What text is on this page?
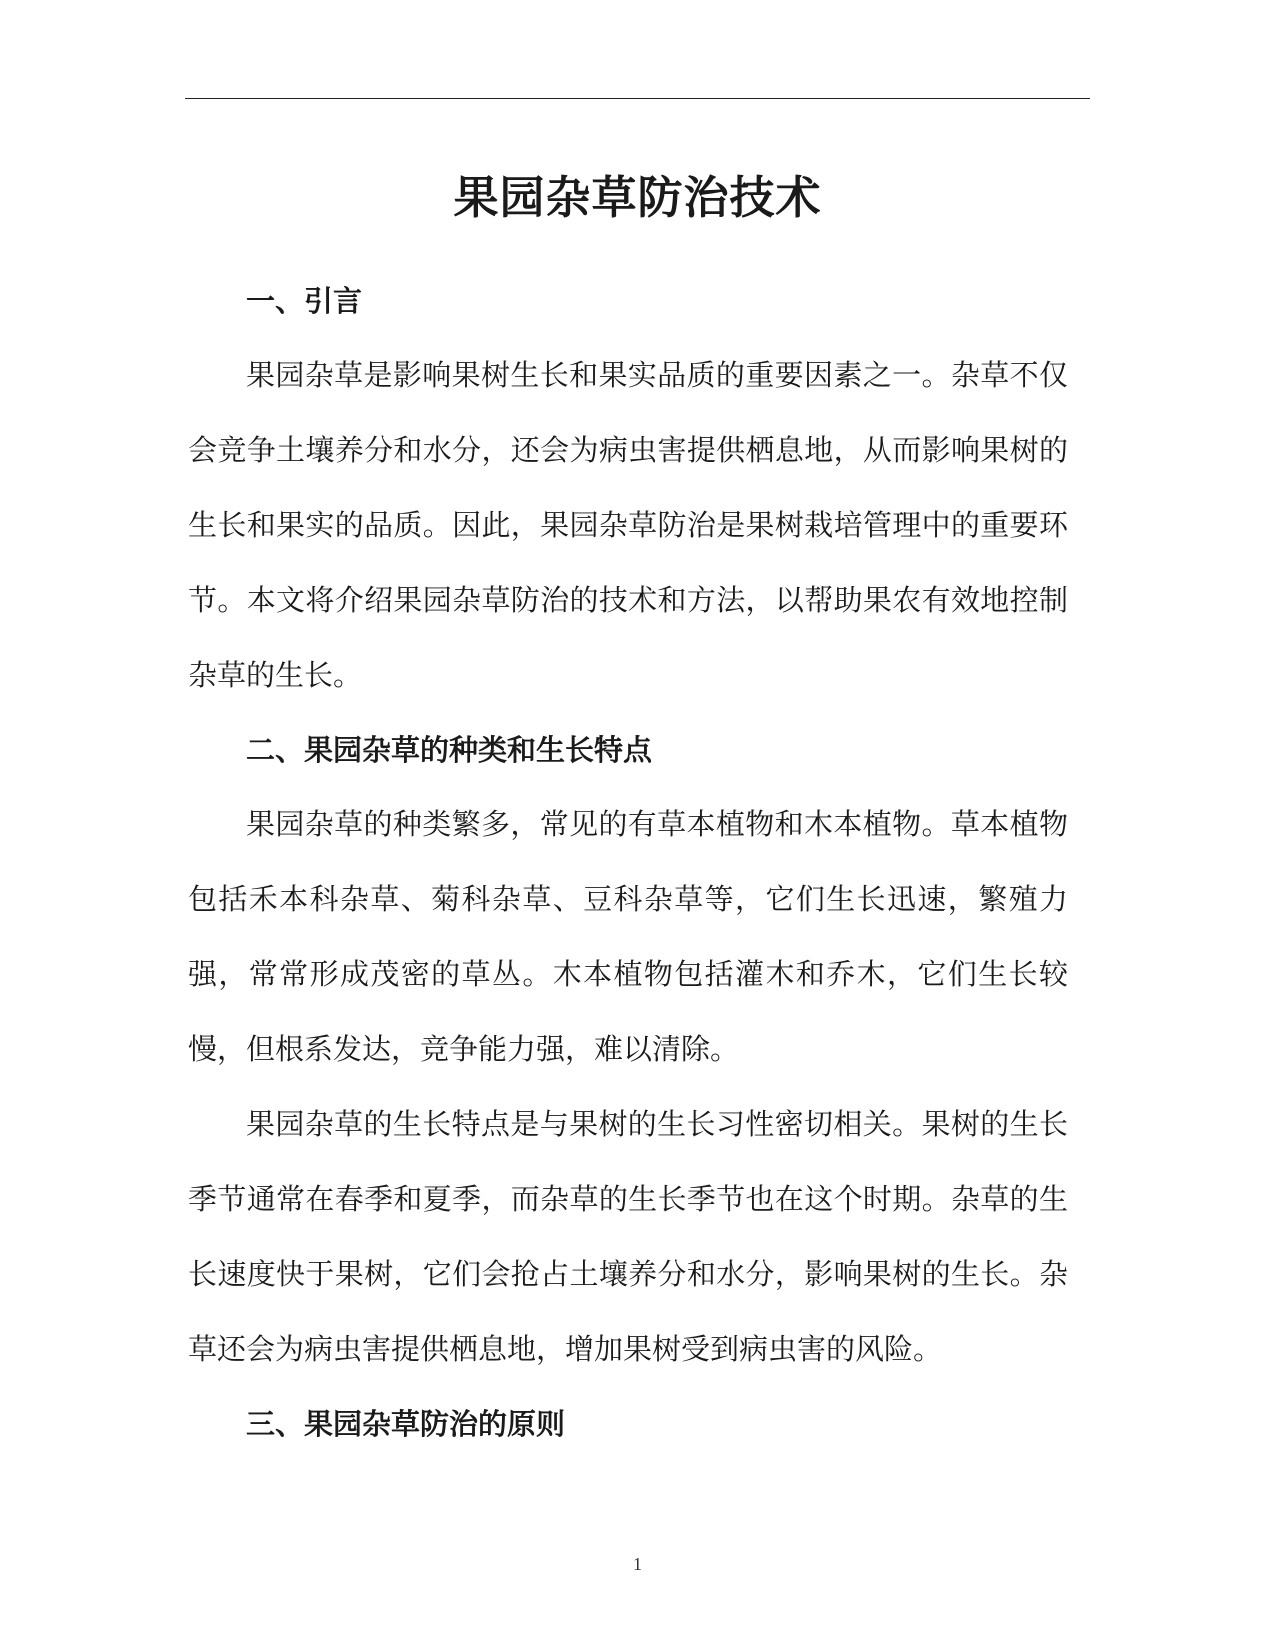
果园杂草防治技术
一、引言

果园杂草是影响果树生长和果实品质的重要因素之一。杂草不仅会竞争土壤养分和水分，还会为病虫害提供栖息地，从而影响果树的生长和果实的品质。因此，果园杂草防治是果树栽培管理中的重要环节。本文将介绍果园杂草防治的技术和方法，以帮助果农有效地控制杂草的生长。

二、果园杂草的种类和生长特点

果园杂草的种类繁多，常见的有草本植物和木本植物。草本植物包括禾本科杂草、菊科杂草、豆科杂草等，它们生长迅速，繁殖力强，常常形成茂密的草丛。木本植物包括灌木和乔木，它们生长较慢，但根系发达，竞争能力强，难以清除。

果园杂草的生长特点是与果树的生长习性密切相关。果树的生长季节通常在春季和夏季，而杂草的生长季节也在这个时期。杂草的生长速度快于果树，它们会抢占土壤养分和水分，影响果树的生长。杂草还会为病虫害提供栖息地，增加果树受到病虫害的风险。

三、果园杂草防治的原则
1
